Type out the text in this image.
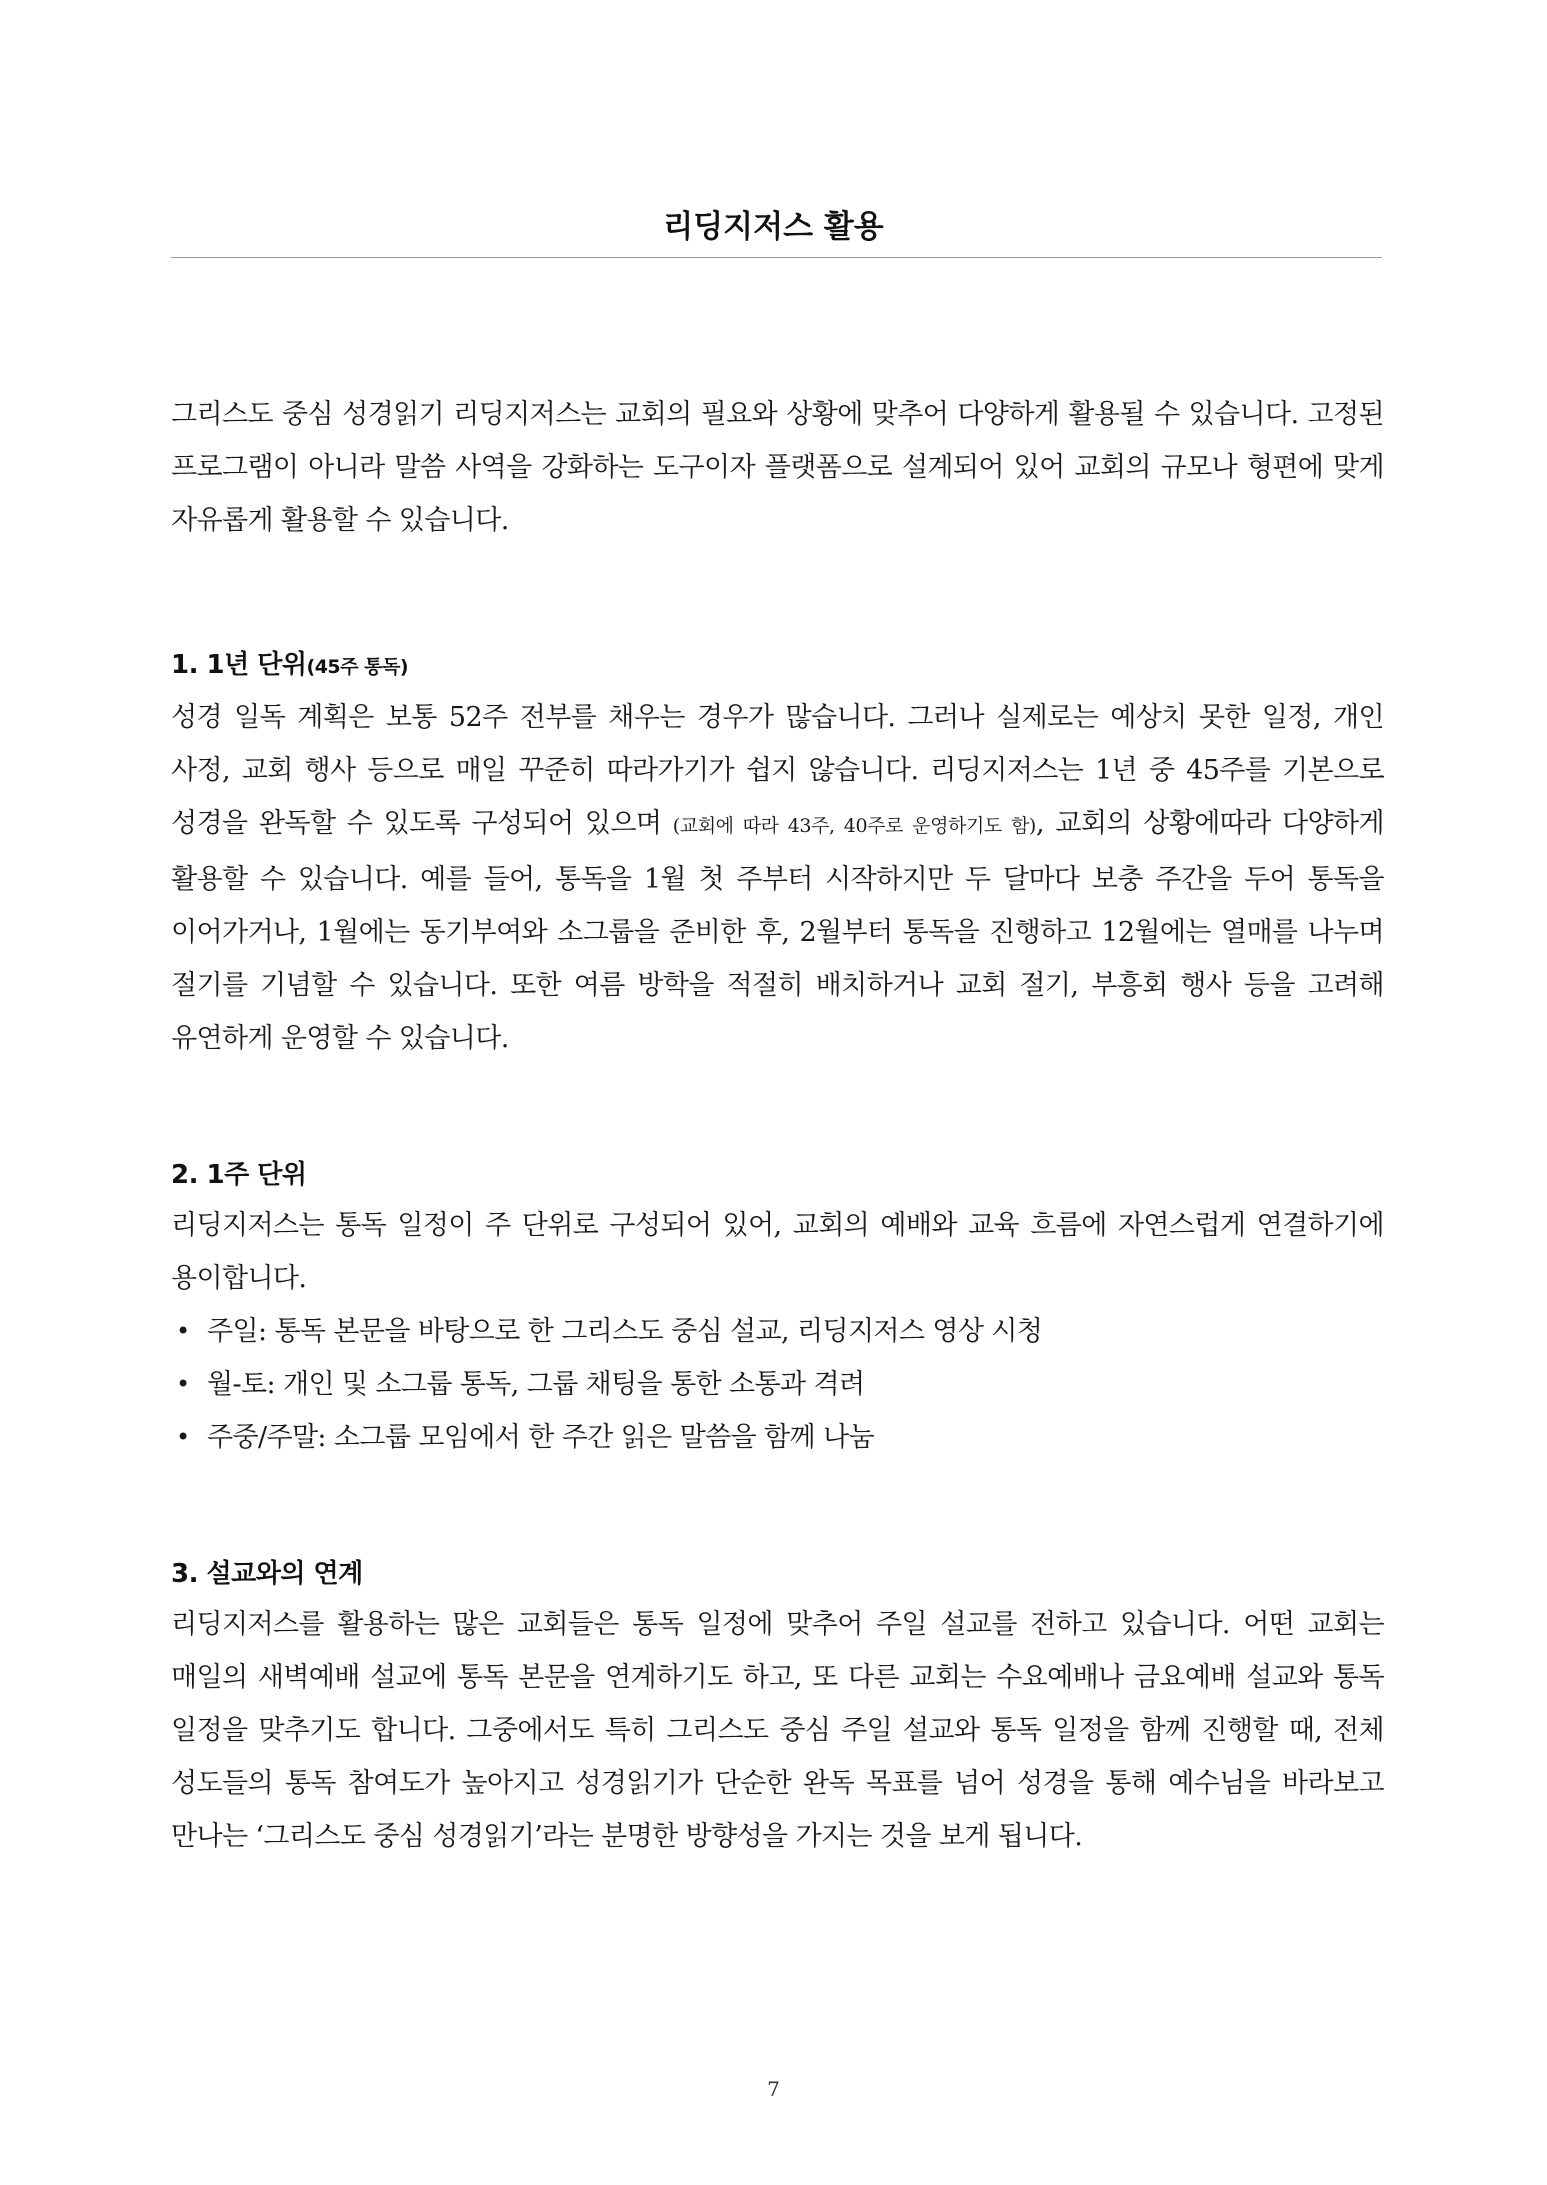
리딩지저스 활용

그리스도 중심 성경읽기 리딩지저스는 교회의 필요와 상황에 맞추어 다양하게 활용될 수 있습니다. 고정된 프로그램이 아니라 말씀 사역을 강화하는 도구이자 플랫폼으로 설계되어 있어 교회의 규모나 형편에 맞게 자유롭게 활용할 수 있습니다.

1. 1년 단위(45주 통독)

성경 일독 계획은 보통 52주 전부를 채우는 경우가 많습니다. 그러나 실제로는 예상치 못한 일정, 개인 사정, 교회 행사 등으로 매일 꾸준히 따라가기가 쉽지 않습니다. 리딩지저스는 1년 중 45주를 기본으로 성경을 완독할 수 있도록 구성되어 있으며 (교회에 따라 43주, 40주로 운영하기도 함), 교회의 상황에따라 다양하게 활용할 수 있습니다. 예를 들어, 통독을 1월 첫 주부터 시작하지만 두 달마다 보충 주간을 두어 통독을 이어가거나, 1월에는 동기부여와 소그룹을 준비한 후, 2월부터 통독을 진행하고 12월에는 열매를 나누며 절기를 기념할 수 있습니다. 또한 여름 방학을 적절히 배치하거나 교회 절기, 부흥회 행사 등을 고려해 유연하게 운영할 수 있습니다.

2. 1주 단위

리딩지저스는 통독 일정이 주 단위로 구성되어 있어, 교회의 예배와 교육 흐름에 자연스럽게 연결하기에 용이합니다.

• 주일: 통독 본문을 바탕으로 한 그리스도 중심 설교, 리딩지저스 영상 시청
• 월-토: 개인 및 소그룹 통독, 그룹 채팅을 통한 소통과 격려
• 주중/주말: 소그룹 모임에서 한 주간 읽은 말씀을 함께 나눔
3. 설교와의 연계

리딩지저스를 활용하는 많은 교회들은 통독 일정에 맞추어 주일 설교를 전하고 있습니다. 어떤 교회는 매일의 새벽예배 설교에 통독 본문을 연계하기도 하고, 또 다른 교회는 수요예배나 금요예배 설교와 통독 일정을 맞추기도 합니다. 그중에서도 특히 그리스도 중심 주일 설교와 통독 일정을 함께 진행할 때, 전체 성도들의 통독 참여도가 높아지고 성경읽기가 단순한 완독 목표를 넘어 성경을 통해 예수님을 바라보고 만나는 ‘그리스도 중심 성경읽기’라는 분명한 방향성을 가지는 것을 보게 됩니다.

7
